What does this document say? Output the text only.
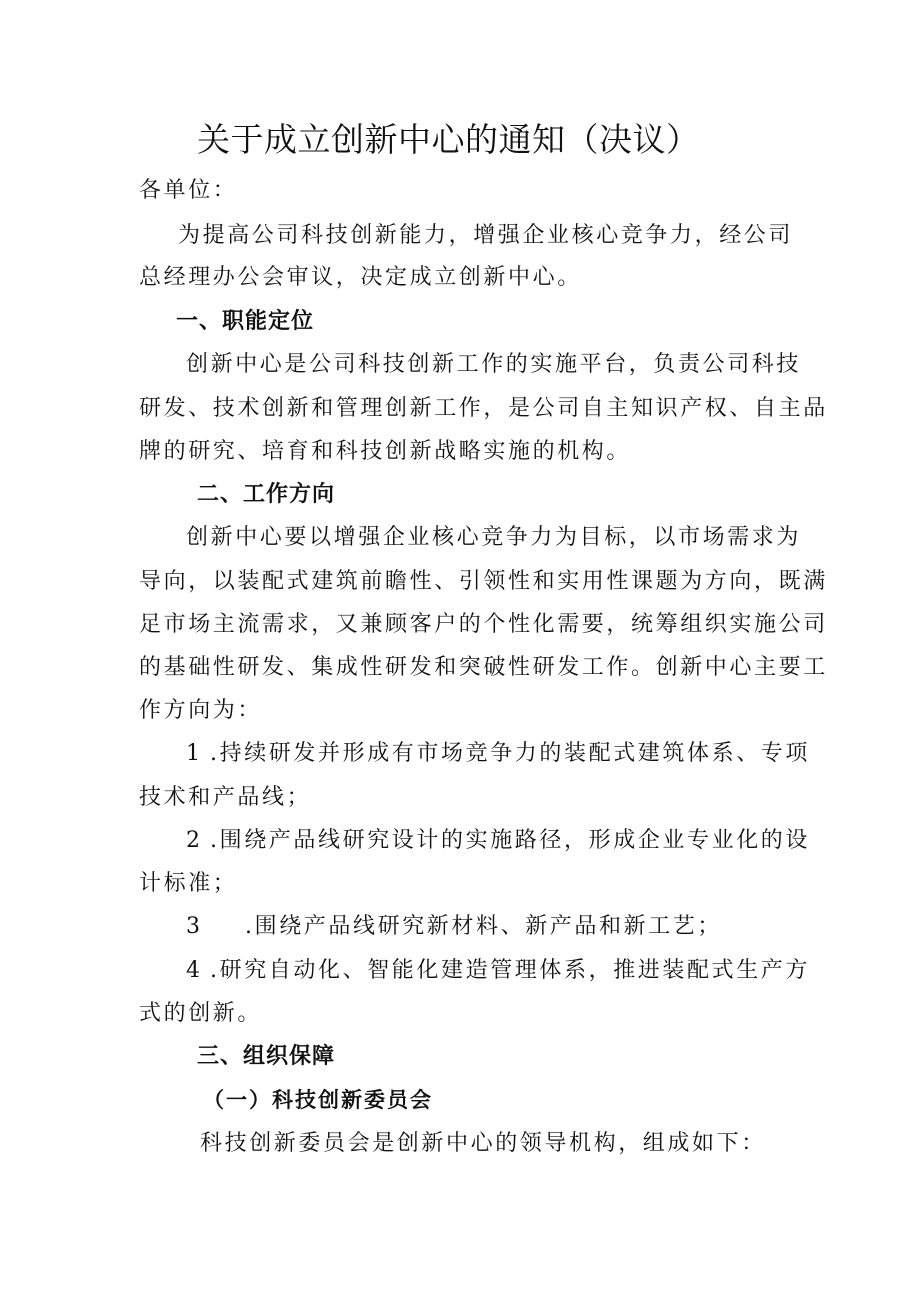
关于成立创新中心的通知（决议）

各单位：

为提高公司科技创新能力，增强企业核心竞争力，经公司

总经理办公会审议，决定成立创新中心。

一、职能定位

创新中心是公司科技创新工作的实施平台，负责公司科技

研发、技术创新和管理创新工作，是公司自主知识产权、自主品

牌的研究、培育和科技创新战略实施的机构。

二、工作方向

创新中心要以增强企业核心竞争力为目标，以市场需求为

导向，以装配式建筑前瞻性、引领性和实用性课题为方向，既满

足市场主流需求，又兼顾客户的个性化需要，统筹组织实施公司

的基础性研发、集成性研发和突破性研发工作。创新中心主要工

作方向为：

1 .持续研发并形成有市场竞争力的装配式建筑体系、专项

技术和产品线；

2 .围绕产品线研究设计的实施路径，形成企业专业化的设

计标准；

3 .围绕产品线研究新材料、新产品和新工艺；

4 .研究自动化、智能化建造管理体系，推进装配式生产方

式的创新。

三、组织保障
（一）科技创新委员会

科技创新委员会是创新中心的领导机构，组成如下：
